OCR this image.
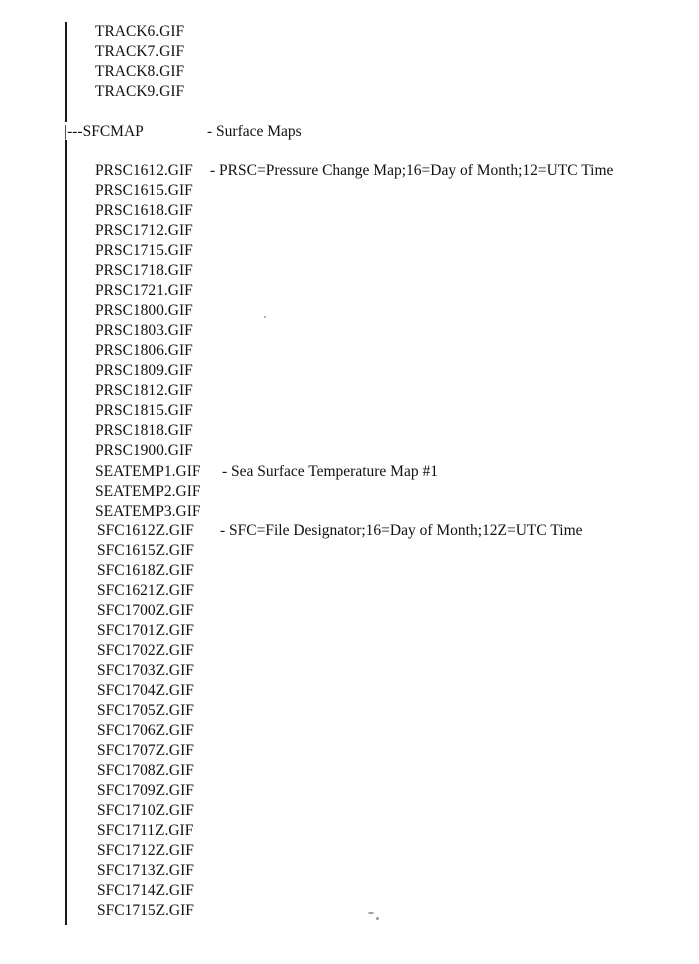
TRACK6.GIF
TRACK7.GIF
TRACK8.GIF
TRACK9.GIF
|---SFCMAP	- Surface Maps
PRSC1612.GIF - PRSC=Pressure Change Map;16=Day of Month;12=UTC Time
PRSC1615.GIF
PRSC1618.GIF
PRSC1712.GIF
PRSC1715.GIF
PRSC1718.GIF
PRSC1721.GIF
PRSC1800.GIF
PRSC1803.GIF
PRSC1806.GIF
PRSC1809.GIF
PRSC1812.GIF
PRSC1815.GIF
PRSC1818.GIF
PRSC1900.GIF
SEATEMP1.GIF - Sea Surface Temperature Map #1
SEATEMP2.GIF
SEATEMP3.GIF
SFC1612Z.GIF - SFC=File Designator;16=Day of Month;12Z=UTC Time
SFC1615Z.GIF
SFC1618Z.GIF
SFC1621Z.GIF
SFC1700Z.GIF
SFC1701Z.GIF
SFC1702Z.GIF
SFC1703Z.GIF
SFC1704Z.GIF
SFC1705Z.GIF
SFC1706Z.GIF
SFC1707Z.GIF
SFC1708Z.GIF
SFC1709Z.GIF
SFC1710Z.GIF
SFC1711Z.GIF
SFC1712Z.GIF
SFC1713Z.GIF
SFC1714Z.GIF
SFC1715Z.GIF
